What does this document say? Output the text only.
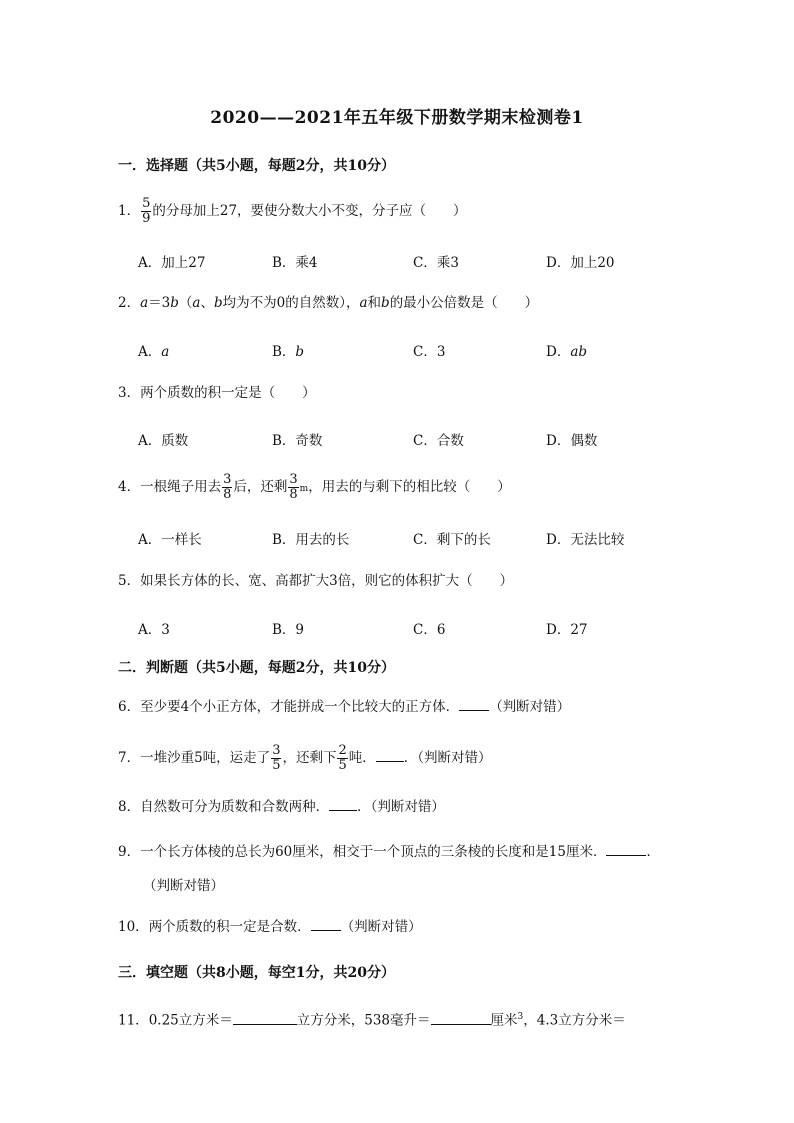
2020——2021年五年级下册数学期末检测卷1
一．选择题（共5小题，每题2分，共10分）
1． $\frac{5}{9}$ 的分母加上27，要使分数大小不变，分子应（　　）
A．加上27	B．乘4	C．乘3	D．加上20
2．a＝3b（a、b均为不为0的自然数），a和b的最小公倍数是（　　）
A．a	B．b	C．3	D．ab
3．两个质数的积一定是（　　）
A．质数	B．奇数	C．合数	D．偶数
4．一根绳子用去 $\frac{3}{8}$ 后，还剩 $\frac{3}{8}$ m，用去的与剩下的相比较（　　）
A．一样长	B．用去的长	C．剩下的长	D．无法比较
5．如果长方体的长、宽、高都扩大3倍，则它的体积扩大（　　）
A．3	B．9	C．6	D．27
二．判断题（共5小题，每题2分，共10分）
6．至少要4个小正方体，才能拼成一个比较大的正方体． （判断对错）
7．一堆沙重5吨，运走了 $\frac{3}{5}$ ，还剩下 $\frac{2}{5}$ 吨． ．（判断对错）
8．自然数可分为质数和合数两种． ．（判断对错）
9．一个长方体棱的总长为60厘米，相交于一个顶点的三条棱的长度和是15厘米．	．
（判断对错）
10．两个质数的积一定是合数． （判断对错）
三．填空题（共8小题，每空1分，共20分）
11．0.25立方米＝	立方分米，538毫升＝	厘米$^3$，4.3立方分米＝
